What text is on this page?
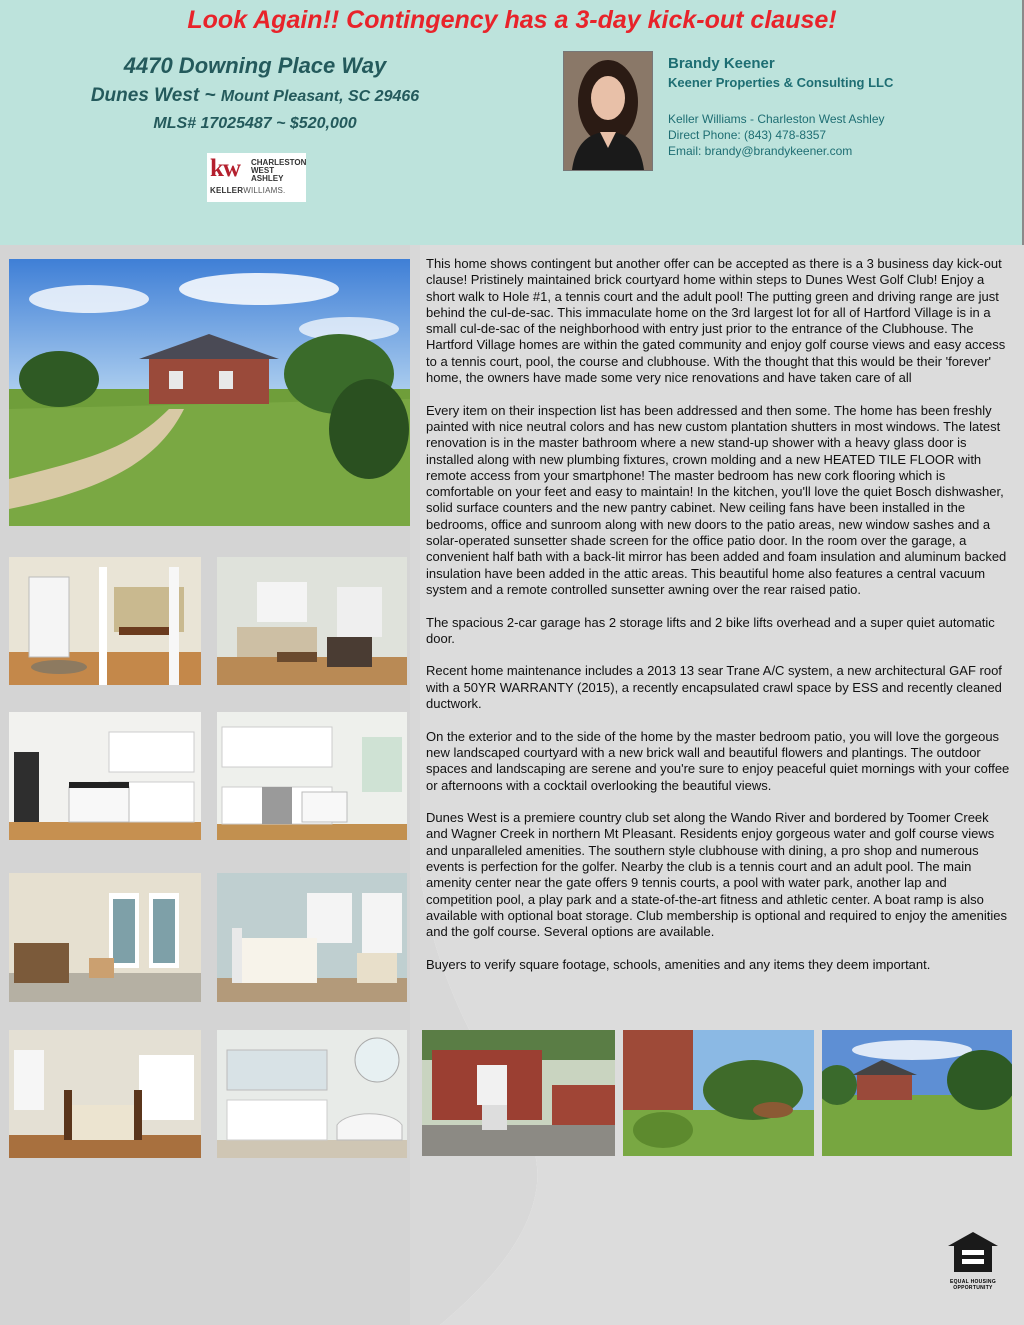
Look Again!! Contingency has a 3-day kick-out clause!
4470 Downing Place Way
Dunes West ~ Mount Pleasant, SC 29466
MLS# 17025487 ~ $520,000
kw CHARLESTON
WEST ASHLEY
KELLERWILLIAMS.
Brandy Keener
Keener Properties & Consulting LLC
Keller Williams - Charleston West Ashley
Direct Phone: (843) 478-8357
Email: brandy@brandykeener.com

This home shows contingent but another offer can be accepted as there is a 3 business day kick-out clause! Pristinely maintained brick courtyard home within steps to Dunes West Golf Club! Enjoy a short walk to Hole #1, a tennis court and the adult pool! The putting green and driving range are just behind the cul-de-sac. This immaculate home on the 3rd largest lot for all of Hartford Village is in a small cul-de-sac of the neighborhood with entry just prior to the entrance of the Clubhouse. The Hartford Village homes are within the gated community and enjoy golf course views and easy access to a tennis court, pool, the course and clubhouse. With the thought that this would be their 'forever' home, the owners have made some very nice renovations and have taken care of all

Every item on their inspection list has been addressed and then some. The home has been freshly painted with nice neutral colors and has new custom plantation shutters in most windows. The latest renovation is in the master bathroom where a new stand-up shower with a heavy glass door is installed along with new plumbing fixtures, crown molding and a new HEATED TILE FLOOR with remote access from your smartphone! The master bedroom has new cork flooring which is comfortable on your feet and easy to maintain! In the kitchen, you'll love the quiet Bosch dishwasher, solid surface counters and the new pantry cabinet. New ceiling fans have been installed in the bedrooms, office and sunroom along with new doors to the patio areas, new window sashes and a solar-operated sunsetter shade screen for the office patio door. In the room over the garage, a convenient half bath with a back-lit mirror has been added and foam insulation and aluminum backed insulation have been added in the attic areas. This beautiful home also features a central vacuum system and a remote controlled sunsetter awning over the rear raised patio.

The spacious 2-car garage has 2 storage lifts and 2 bike lifts overhead and a super quiet automatic door.

Recent home maintenance includes a 2013 13 sear Trane A/C system, a new architectural GAF roof with a 50YR WARRANTY (2015), a recently encapsulated crawl space by ESS and recently cleaned ductwork.

On the exterior and to the side of the home by the master bedroom patio, you will love the gorgeous new landscaped courtyard with a new brick wall and beautiful flowers and plantings. The outdoor spaces and landscaping are serene and you're sure to enjoy peaceful quiet mornings with your coffee or afternoons with a cocktail overlooking the beautiful views.

Dunes West is a premiere country club set along the Wando River and bordered by Toomer Creek and Wagner Creek in northern Mt Pleasant. Residents enjoy gorgeous water and golf course views and unparalleled amenities. The southern style clubhouse with dining, a pro shop and numerous events is perfection for the golfer. Nearby the club is a tennis court and an adult pool. The main amenity center near the gate offers 9 tennis courts, a pool with water park, another lap and competition pool, a play park and a state-of-the-art fitness and athletic center. A boat ramp is also available with optional boat storage. Club membership is optional and required to enjoy the amenities and the golf course. Several options are available.

Buyers to verify square footage, schools, amenities and any items they deem important.

EQUAL HOUSING
OPPORTUNITY
